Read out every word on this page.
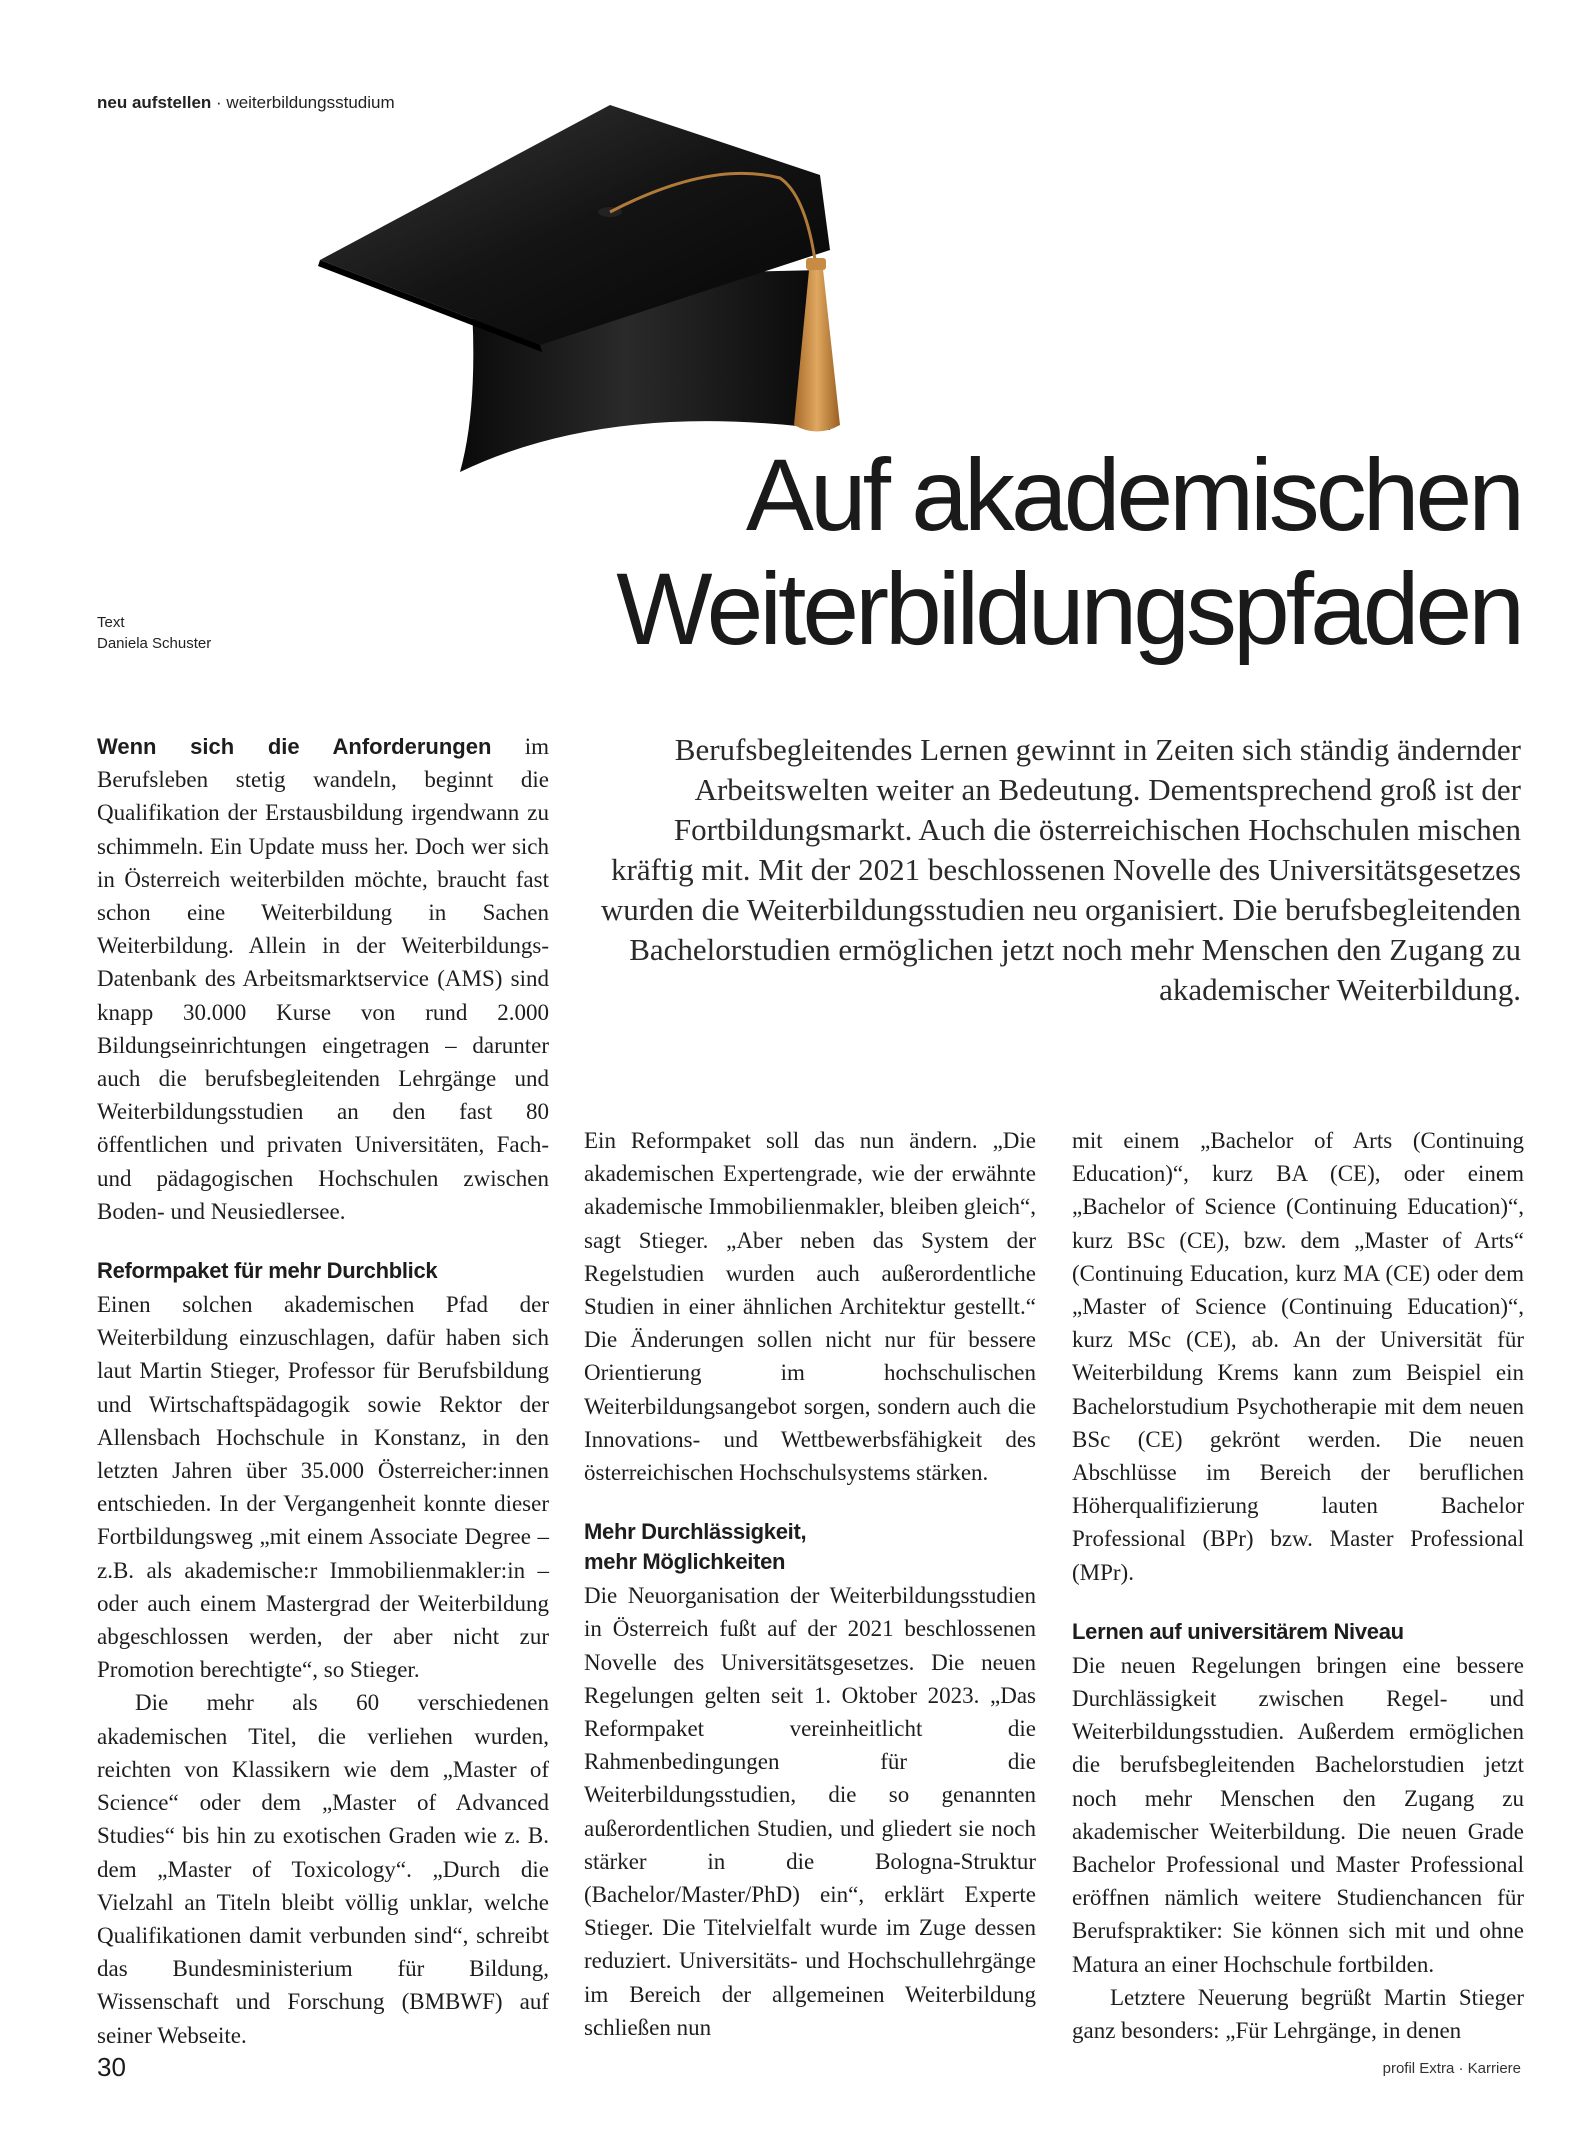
neu aufstellen · weiterbildungsstudium
Text
Daniela Schuster
Auf akademischen
Weiterbildungspfaden
Berufsbegleitendes Lernen gewinnt in Zeiten sich ständig ändernder Arbeitswelten weiter an Bedeutung. Dementsprechend groß ist der Fortbildungsmarkt. Auch die österreichischen Hochschulen mischen kräftig mit. Mit der 2021 beschlossenen Novelle des Universitätsgesetzes wurden die Weiterbildungsstudien neu organisiert. Die berufsbegleitenden Bachelorstudien ermöglichen jetzt noch mehr Menschen den Zugang zu akademischer Weiterbildung.

Wenn sich die Anforderungen im Berufsleben stetig wandeln, beginnt die Qualifikation der Erstausbildung irgendwann zu schimmeln. Ein Update muss her. Doch wer sich in Österreich weiterbilden möchte, braucht fast schon eine Weiterbildung in Sachen Weiterbildung. Allein in der Weiterbildungs-Datenbank des Arbeitsmarktservice (AMS) sind knapp 30.000 Kurse von rund 2.000 Bildungseinrichtungen eingetragen – darunter auch die berufsbegleitenden Lehrgänge und Weiterbildungsstudien an den fast 80 öffentlichen und privaten Universitäten, Fach- und pädagogischen Hochschulen zwischen Boden- und Neusiedlersee.

Reformpaket für mehr Durchblick

Einen solchen akademischen Pfad der Weiterbildung einzuschlagen, dafür haben sich laut Martin Stieger, Professor für Berufsbildung und Wirtschaftspädagogik sowie Rektor der Allensbach Hochschule in Konstanz, in den letzten Jahren über 35.000 Österreicher:innen entschieden. In der Vergangenheit konnte dieser Fortbildungsweg „mit einem Associate Degree – z.B. als akademische:r Immobilienmakler:in – oder auch einem Mastergrad der Weiterbildung abgeschlossen werden, der aber nicht zur Promotion berechtigte“, so Stieger.

Die mehr als 60 verschiedenen akademischen Titel, die verliehen wurden, reichten von Klassikern wie dem „Master of Science“ oder dem „Master of Advanced Studies“ bis hin zu exotischen Graden wie z. B. dem „Master of Toxicology“. „Durch die Vielzahl an Titeln bleibt völlig unklar, welche Qualifikationen damit verbunden sind“, schreibt das Bundesministerium für Bildung, Wissenschaft und Forschung (BMBWF) auf seiner Webseite.

Ein Reformpaket soll das nun ändern. „Die akademischen Expertengrade, wie der erwähnte akademische Immobilienmakler, bleiben gleich“, sagt Stieger. „Aber neben das System der Regelstudien wurden auch außerordentliche Studien in einer ähnlichen Architektur gestellt.“ Die Änderungen sollen nicht nur für bessere Orientierung im hochschulischen Weiterbildungsangebot sorgen, sondern auch die Innovations- und Wettbewerbsfähigkeit des österreichischen Hochschulsystems stärken.

Mehr Durchlässigkeit,
mehr Möglichkeiten

Die Neuorganisation der Weiterbildungsstudien in Österreich fußt auf der 2021 beschlossenen Novelle des Universitätsgesetzes. Die neuen Regelungen gelten seit 1. Oktober 2023. „Das Reformpaket vereinheitlicht die Rahmenbedingungen für die Weiterbildungsstudien, die so genannten außerordentlichen Studien, und gliedert sie noch stärker in die Bologna-Struktur (Bachelor/Master/PhD) ein“, erklärt Experte Stieger. Die Titelvielfalt wurde im Zuge dessen reduziert. Universitäts- und Hochschullehrgänge im Bereich der allgemeinen Weiterbildung schließen nun

mit einem „Bachelor of Arts (Continuing Education)“, kurz BA (CE), oder einem „Bachelor of Science (Continuing Education)“, kurz BSc (CE), bzw. dem „Master of Arts“ (Continuing Education, kurz MA (CE) oder dem „Master of Science (Continuing Education)“, kurz MSc (CE), ab. An der Universität für Weiterbildung Krems kann zum Beispiel ein Bachelorstudium Psychotherapie mit dem neuen BSc (CE) gekrönt werden. Die neuen Abschlüsse im Bereich der beruflichen Höherqualifizierung lauten Bachelor Professional (BPr) bzw. Master Professional (MPr).

Lernen auf universitärem Niveau

Die neuen Regelungen bringen eine bessere Durchlässigkeit zwischen Regel- und Weiterbildungsstudien. Außerdem ermöglichen die berufsbegleitenden Bachelorstudien jetzt noch mehr Menschen den Zugang zu akademischer Weiterbildung. Die neuen Grade Bachelor Professional und Master Professional eröffnen nämlich weitere Studienchancen für Berufspraktiker: Sie können sich mit und ohne Matura an einer Hochschule fortbilden.

Letztere Neuerung begrüßt Martin Stieger ganz besonders: „Für Lehrgänge, in denen

30	profil Extra · Karriere
